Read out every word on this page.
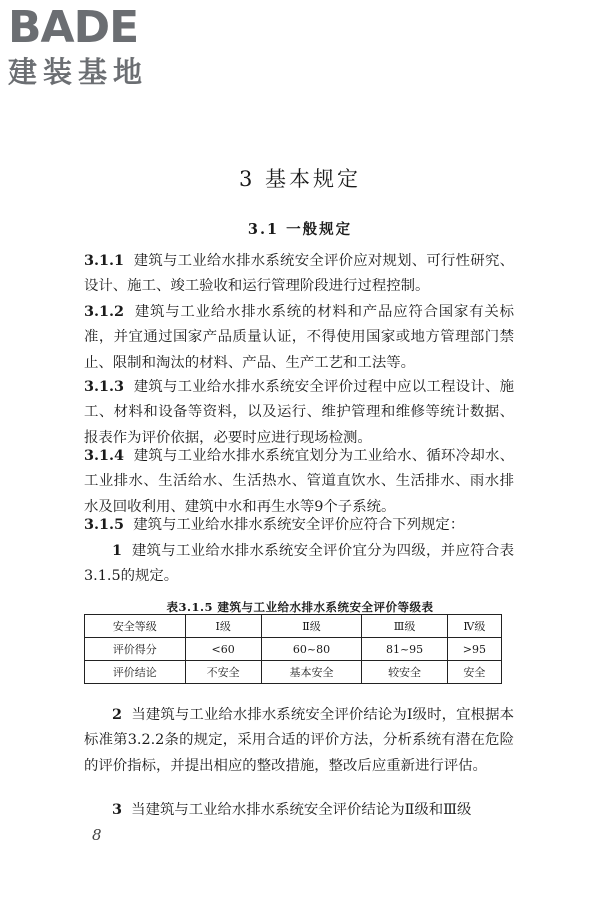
BADE
建装基地
3 基本规定
3.1 一般规定
3.1.1 建筑与工业给水排水系统安全评价应对规划、可行性研究、设计、施工、竣工验收和运行管理阶段进行过程控制。
3.1.2 建筑与工业给水排水系统的材料和产品应符合国家有关标准，并宜通过国家产品质量认证，不得使用国家或地方管理部门禁止、限制和淘汰的材料、产品、生产工艺和工法等。
3.1.3 建筑与工业给水排水系统安全评价过程中应以工程设计、施工、材料和设备等资料，以及运行、维护管理和维修等统计数据、报表作为评价依据，必要时应进行现场检测。
3.1.4 建筑与工业给水排水系统宜划分为工业给水、循环冷却水、工业排水、生活给水、生活热水、管道直饮水、生活排水、雨水排水及回收利用、建筑中水和再生水等9个子系统。
3.1.5 建筑与工业给水排水系统安全评价应符合下列规定：
1 建筑与工业给水排水系统安全评价宜分为四级，并应符合表3.1.5的规定。
表3.1.5 建筑与工业给水排水系统安全评价等级表
安全等级	Ⅰ级	Ⅱ级	Ⅲ级	Ⅳ级
评价得分	<60	60~80	81~95	>95
评价结论	不安全	基本安全	较安全	安全
2 当建筑与工业给水排水系统安全评价结论为Ⅰ级时，宜根据本标准第3.2.2条的规定，采用合适的评价方法，分析系统有潜在危险的评价指标，并提出相应的整改措施，整改后应重新进行评估。
3 当建筑与工业给水排水系统安全评价结论为Ⅱ级和Ⅲ级
8
